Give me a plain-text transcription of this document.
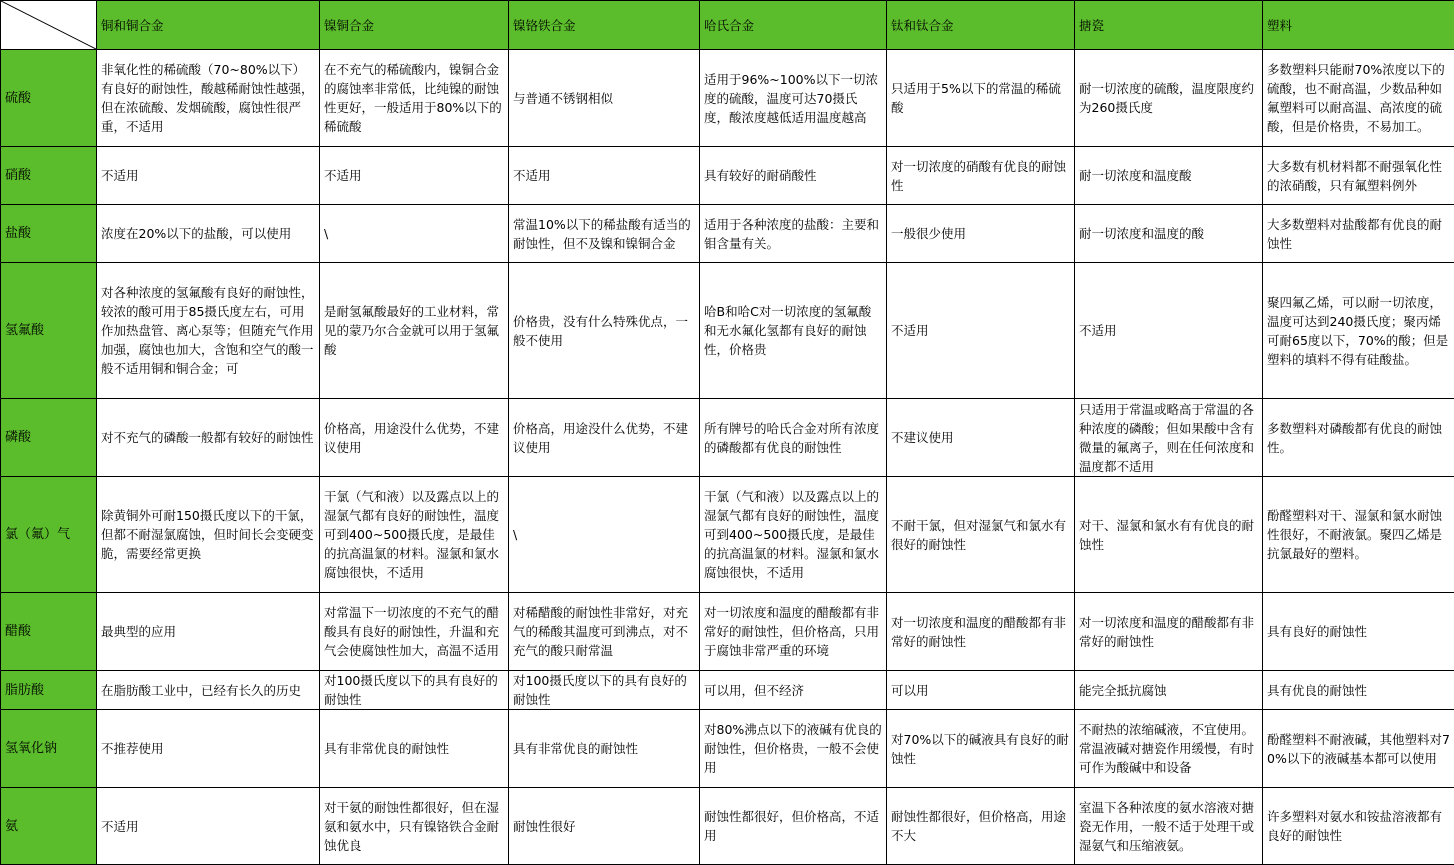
	铜和铜合金	镍铜合金	镍铬铁合金	哈氏合金	钛和钛合金	搪瓷	塑料
硫酸	非氧化性的稀硫酸（70~80%以下）有良好的耐蚀性，酸越稀耐蚀性越强，但在浓硫酸、发烟硫酸，腐蚀性很严重，不适用	在不充气的稀硫酸内，镍铜合金的腐蚀率非常低，比纯镍的耐蚀性更好，一般适用于80%以下的稀硫酸	与普通不锈钢相似	适用于96%~100%以下一切浓度的硫酸，温度可达70摄氏度，酸浓度越低适用温度越高	只适用于5%以下的常温的稀硫酸	耐一切浓度的硫酸，温度限度约为260摄氏度	多数塑料只能耐70%浓度以下的硫酸，也不耐高温，少数品种如氟塑料可以耐高温、高浓度的硫酸，但是价格贵，不易加工。
硝酸	不适用	不适用	不适用	具有较好的耐硝酸性	对一切浓度的硝酸有优良的耐蚀性	耐一切浓度和温度酸	大多数有机材料都不耐强氧化性的浓硝酸，只有氟塑料例外
盐酸	浓度在20%以下的盐酸，可以使用	\	常温10%以下的稀盐酸有适当的耐蚀性，但不及镍和镍铜合金	适用于各种浓度的盐酸：主要和钼含量有关。	一般很少使用	耐一切浓度和温度的酸	大多数塑料对盐酸都有优良的耐蚀性
氢氟酸	对各种浓度的氢氟酸有良好的耐蚀性，较浓的酸可用于85摄氏度左右，可用作加热盘管、离心泵等；但随充气作用加强，腐蚀也加大，含饱和空气的酸一般不适用铜和铜合金；可	是耐氢氟酸最好的工业材料，常见的蒙乃尔合金就可以用于氢氟酸	价格贵，没有什么特殊优点，一般不使用	哈B和哈C对一切浓度的氢氟酸和无水氟化氢都有良好的耐蚀性，价格贵	不适用	不适用	聚四氟乙烯，可以耐一切浓度，温度可达到240摄氏度；聚丙烯可耐65度以下，70%的酸；但是塑料的填料不得有硅酸盐。
磷酸	对不充气的磷酸一般都有较好的耐蚀性	价格高，用途没什么优势，不建议使用	价格高，用途没什么优势，不建议使用	所有牌号的哈氏合金对所有浓度的磷酸都有优良的耐蚀性	不建议使用	只适用于常温或略高于常温的各种浓度的磷酸；但如果酸中含有微量的氟离子，则在任何浓度和温度都不适用	多数塑料对磷酸都有优良的耐蚀性。
氯（氟）气	除黄铜外可耐150摄氏度以下的干氯，但都不耐湿氯腐蚀，但时间长会变硬变脆，需要经常更换	干氯（气和液）以及露点以上的湿氯气都有良好的耐蚀性，温度可到400~500摄氏度，是最佳的抗高温氯的材料。湿氯和氯水腐蚀很快，不适用	\	干氯（气和液）以及露点以上的湿氯气都有良好的耐蚀性，温度可到400~500摄氏度，是最佳的抗高温氯的材料。湿氯和氯水腐蚀很快，不适用	不耐干氯，但对湿氯气和氯水有很好的耐蚀性	对干、湿氯和氯水有有优良的耐蚀性	酚醛塑料对干、湿氯和氯水耐蚀性很好，不耐液氯。聚四乙烯是抗氯最好的塑料。
醋酸	最典型的应用	对常温下一切浓度的不充气的醋酸具有良好的耐蚀性，升温和充气会使腐蚀性加大，高温不适用	对稀醋酸的耐蚀性非常好，对充气的稀酸其温度可到沸点，对不充气的酸只耐常温	对一切浓度和温度的醋酸都有非常好的耐蚀性，但价格高，只用于腐蚀非常严重的环境	对一切浓度和温度的醋酸都有非常好的耐蚀性	对一切浓度和温度的醋酸都有非常好的耐蚀性	具有良好的耐蚀性
脂肪酸	在脂肪酸工业中，已经有长久的历史	对100摄氏度以下的具有良好的耐蚀性	对100摄氏度以下的具有良好的耐蚀性	可以用，但不经济	可以用	能完全抵抗腐蚀	具有优良的耐蚀性
氢氧化钠	不推荐使用	具有非常优良的耐蚀性	具有非常优良的耐蚀性	对80%沸点以下的液碱有优良的耐蚀性，但价格贵，一般不会使用	对70%以下的碱液具有良好的耐蚀性	不耐热的浓缩碱液，不宜使用。常温液碱对搪瓷作用缓慢，有时可作为酸碱中和设备	酚醛塑料不耐液碱，其他塑料对70%以下的液碱基本都可以使用
氨	不适用	对干氨的耐蚀性都很好，但在湿氨和氨水中，只有镍铬铁合金耐蚀优良	耐蚀性很好	耐蚀性都很好，但价格高，不适用	耐蚀性都很好，但价格高，用途不大	室温下各种浓度的氨水溶液对搪瓷无作用，一般不适于处理干或湿氨气和压缩液氨。	许多塑料对氨水和铵盐溶液都有良好的耐蚀性
